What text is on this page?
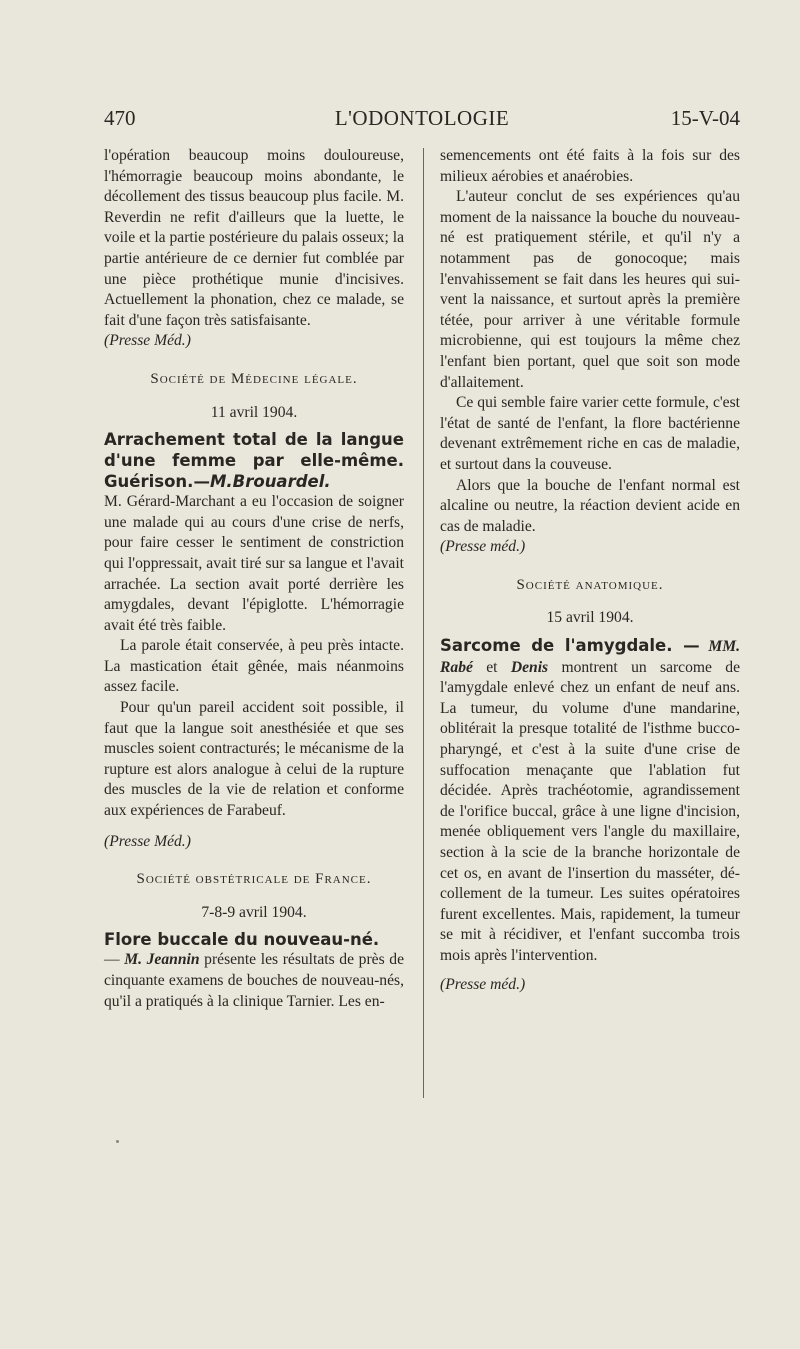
470	L'ODONTOLOGIE	15-V-04

l'opération beaucoup moins douloureuse, l'hémorragie beaucoup moins abondante, le décollement des tissus beaucoup plus facile. M. Reverdin ne refit d'ailleurs que la luette, le voile et la partie postérieure du palais osseux; la partie antérieure de ce dernier fut comblée par une pièce prothétique munie d'incisives. Actuellement la phonation, chez ce malade, se fait d'une façon très satisfaisante.

(Presse Méd.)

Société de Médecine légale.
11 avril 1904.

Arrachement total de la langue d'une femme par elle-même. Guérison.—M.Brouardel.

M. Gérard-Marchant a eu l'occasion de soigner une malade qui au cours d'une crise de nerfs, pour faire cesser le sentiment de constriction qui l'oppressait, avait tiré sur sa langue et l'avait arrachée. La section avait porté derrière les amygdales, devant l'épiglotte. L'hémorragie avait été très faible.

La parole était conservée, à peu près intacte. La mastication était gênée, mais néanmoins assez facile.

Pour qu'un pareil accident soit possible, il faut que la langue soit anesthésiée et que ses muscles soient contracturés; le mécanisme de la rupture est alors analogue à celui de la rupture des muscles de la vie de relation et conforme aux expériences de Farabeuf.

(Presse Méd.)

Société obstétricale de France.
7-8-9 avril 1904.

Flore buccale du nouveau-né.

— M. Jeannin présente les résultats de près de cinquante examens de bouches de nouveau-nés, qu'il a pratiqués à la clinique Tarnier. Les en-

semencements ont été faits à la fois sur des milieux aérobies et anaérobies.

L'auteur conclut de ses expériences qu'au moment de la naissance la bouche du nouveau-né est pratiquement stérile, et qu'il n'y a notamment pas de gonocoque; mais l'envahissement se fait dans les heures qui suivent la naissance, et surtout après la première tétée, pour arriver à une véritable formule microbienne, qui est toujours la même chez l'enfant bien portant, quel que soit son mode d'allaitement.

Ce qui semble faire varier cette formule, c'est l'état de santé de l'enfant, la flore bactérienne devenant extrêmement riche en cas de maladie, et surtout dans la couveuse.

Alors que la bouche de l'enfant normal est alcaline ou neutre, la réaction devient acide en cas de maladie.

(Presse méd.)

Société anatomique.
15 avril 1904.

Sarcome de l'amygdale. — MM. Rabé et Denis montrent un sarcome de l'amygdale enlevé chez un enfant de neuf ans. La tumeur, du volume d'une mandarine, oblitérait la presque totalité de l'isthme bucco-pharyngé, et c'est à la suite d'une crise de suffocation menaçante que l'ablation fut décidée. Après trachéotomie, agrandissement de l'orifice buccal, grâce à une ligne d'incision, menée obliquement vers l'angle du maxillaire, section à la scie de la branche horizontale de cet os, en avant de l'insertion du masséter, décollement de la tumeur. Les suites opératoires furent excellentes. Mais, rapidement, la tumeur se mit à récidiver, et l'enfant succomba trois mois après l'intervention.

(Presse méd.)
